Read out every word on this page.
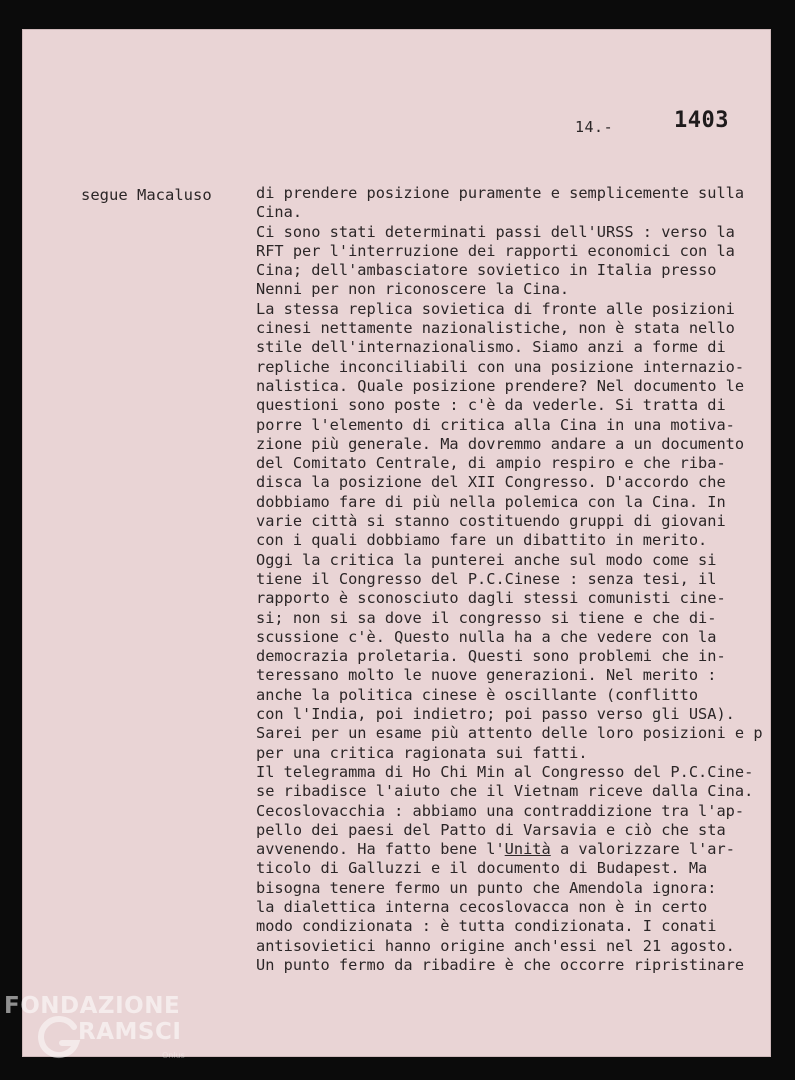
14.-	1403
segue Macaluso	di prendere posizione puramente e semplicemente sulla
Cina.
Ci sono stati determinati passi dell'URSS : verso la
RFT per l'interruzione dei rapporti economici con la
Cina; dell'ambasciatore sovietico in Italia presso
Nenni per non riconoscere la Cina.
La stessa replica sovietica di fronte alle posizioni
cinesi nettamente nazionalistiche, non è stata nello
stile dell'internazionalismo. Siamo anzi a forme di
repliche inconciliabili con una posizione internazio-
nalistica. Quale posizione prendere? Nel documento le
questioni sono poste : c'è da vederle. Si tratta di
porre l'elemento di critica alla Cina in una motiva-
zione più generale. Ma dovremmo andare a un documento
del Comitato Centrale, di ampio respiro e che riba-
disca la posizione del XII Congresso. D'accordo che
dobbiamo fare di più nella polemica con la Cina. In
varie città si stanno costituendo gruppi di giovani
con i quali dobbiamo fare un dibattito in merito.
Oggi la critica la punterei anche sul modo come si
tiene il Congresso del P.C.Cinese : senza tesi, il
rapporto è sconosciuto dagli stessi comunisti cine-
si; non si sa dove il congresso si tiene e che di-
scussione c'è. Questo nulla ha a che vedere con la
democrazia proletaria. Questi sono problemi che in-
teressano molto le nuove generazioni. Nel merito :
anche la politica cinese è oscillante (conflitto
con l'India, poi indietro; poi passo verso gli USA).
Sarei per un esame più attento delle loro posizioni e p
per una critica ragionata sui fatti.
Il telegramma di Ho Chi Min al Congresso del P.C.Cine-
se ribadisce l'aiuto che il Vietnam riceve dalla Cina.
Cecoslovacchia : abbiamo una contraddizione tra l'ap-
pello dei paesi del Patto di Varsavia e ciò che sta
avvenendo. Ha fatto bene l'Unità a valorizzare l'ar-
ticolo di Galluzzi e il documento di Budapest. Ma
bisogna tenere fermo un punto che Amendola ignora:
la dialettica interna cecoslovacca non è in certo
modo condizionata : è tutta condizionata. I conati
antisovietici hanno origine anch'essi nel 21 agosto.
Un punto fermo da ribadire è che occorre ripristinare
FONDAZIONE
RAMSCI
Onlus
